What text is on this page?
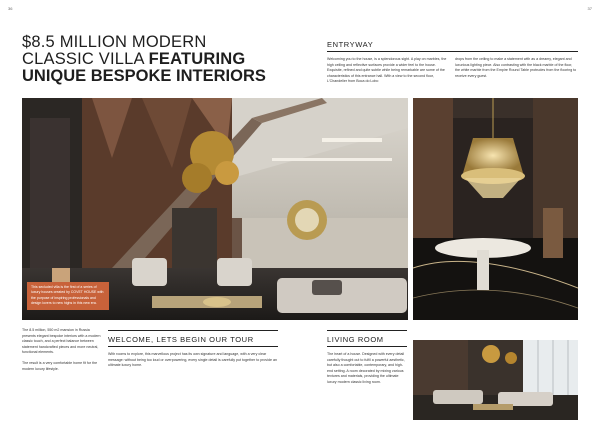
36	37
$8.5 MILLION MODERN
CLASSIC VILLA FEATURING
UNIQUE BESPOKE INTERIORS
ENTRYWAY
Welcoming you to the house, is a splendorous sight. A play on marbles, the high ceiling and reflective surfaces provide a wider feel to the house. Exquisite, refined and quite subtle while being remarkable are some of the characteristics of this entrance hall. With a view to the second floor, L'Chandelier from Boca do Lobo
drops from the ceiling to make a statement with as a dreamy, elegant and luxurious lighting piece. Also contrasting with the black marble of the floor, the white marble from the Empire Round Table protrudes from the flooring to receive every guest.
This secluded villa is the first of a series of luxury houses created by COVET HOUSE with the purpose of inspiring professionals and design lovers to new highs in this new era.

The 8.5 million, 550 m2 mansion in Russia presents elegant bespoke interiors with a modern classic touch, and a perfect balance between statement handcrafted pieces and more neutral, functional elements.

The result is a very comfortable home fit for the modern luxury lifestyle.

WELCOME, LETS BEGIN OUR TOUR
With rooms to explore, this marvellous project has its own signature and language, with a very clear message: without being too loud or overpowering, every single detail is carefully put together to provide an ultimate luxury home.
LIVING ROOM
The heart of a house. Designed with every detail carefully thought out to fulfil a powerful aesthetic, but also a comfortable, contemporary, and high-end setting. A room decorated by mixing various textures and materials, providing the ultimate luxury modern classic living room.
